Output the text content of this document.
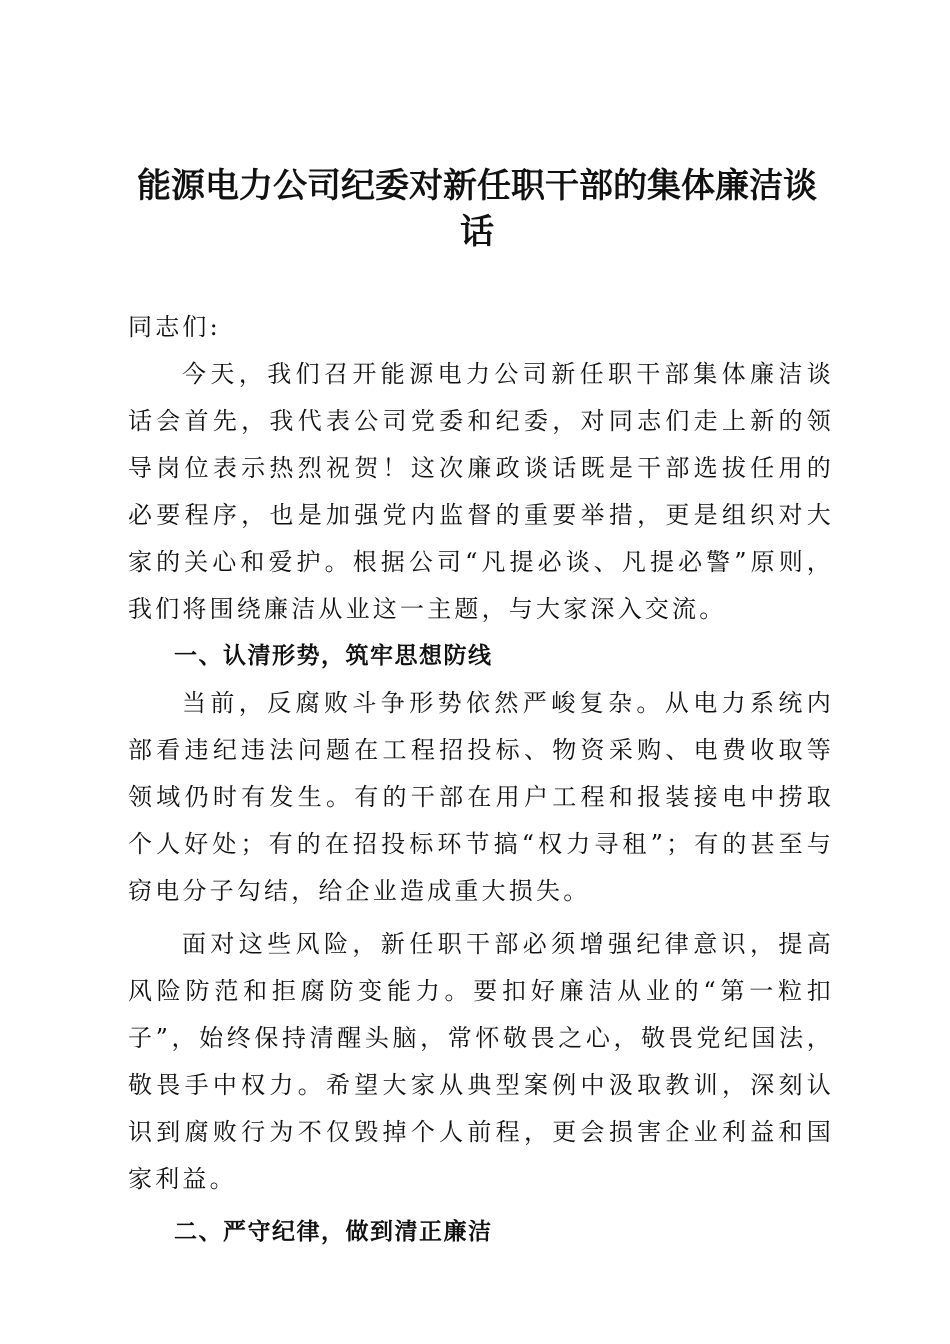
能源电力公司纪委对新任职干部的集体廉洁谈话

同志们:

今天，我们召开能源电力公司新任职干部集体廉洁谈话会首先，我代表公司党委和纪委，对同志们走上新的领导岗位表示热烈祝贺！这次廉政谈话既是干部选拔任用的必要程序，也是加强党内监督的重要举措，更是组织对大家的关心和爱护。根据公司“凡提必谈、凡提必警”原则，我们将围绕廉洁从业这一主题，与大家深入交流。

一、认清形势，筑牢思想防线

当前，反腐败斗争形势依然严峻复杂。从电力系统内部看违纪违法问题在工程招投标、物资采购、电费收取等领域仍时有发生。有的干部在用户工程和报装接电中捞取个人好处；有的在招投标环节搞“权力寻租”；有的甚至与窃电分子勾结，给企业造成重大损失。

面对这些风险，新任职干部必须增强纪律意识，提高风险防范和拒腐防变能力。要扣好廉洁从业的“第一粒扣子”，始终保持清醒头脑，常怀敬畏之心，敬畏党纪国法，敬畏手中权力。希望大家从典型案例中汲取教训，深刻认识到腐败行为不仅毁掉个人前程，更会损害企业利益和国家利益。

二、严守纪律，做到清正廉洁
